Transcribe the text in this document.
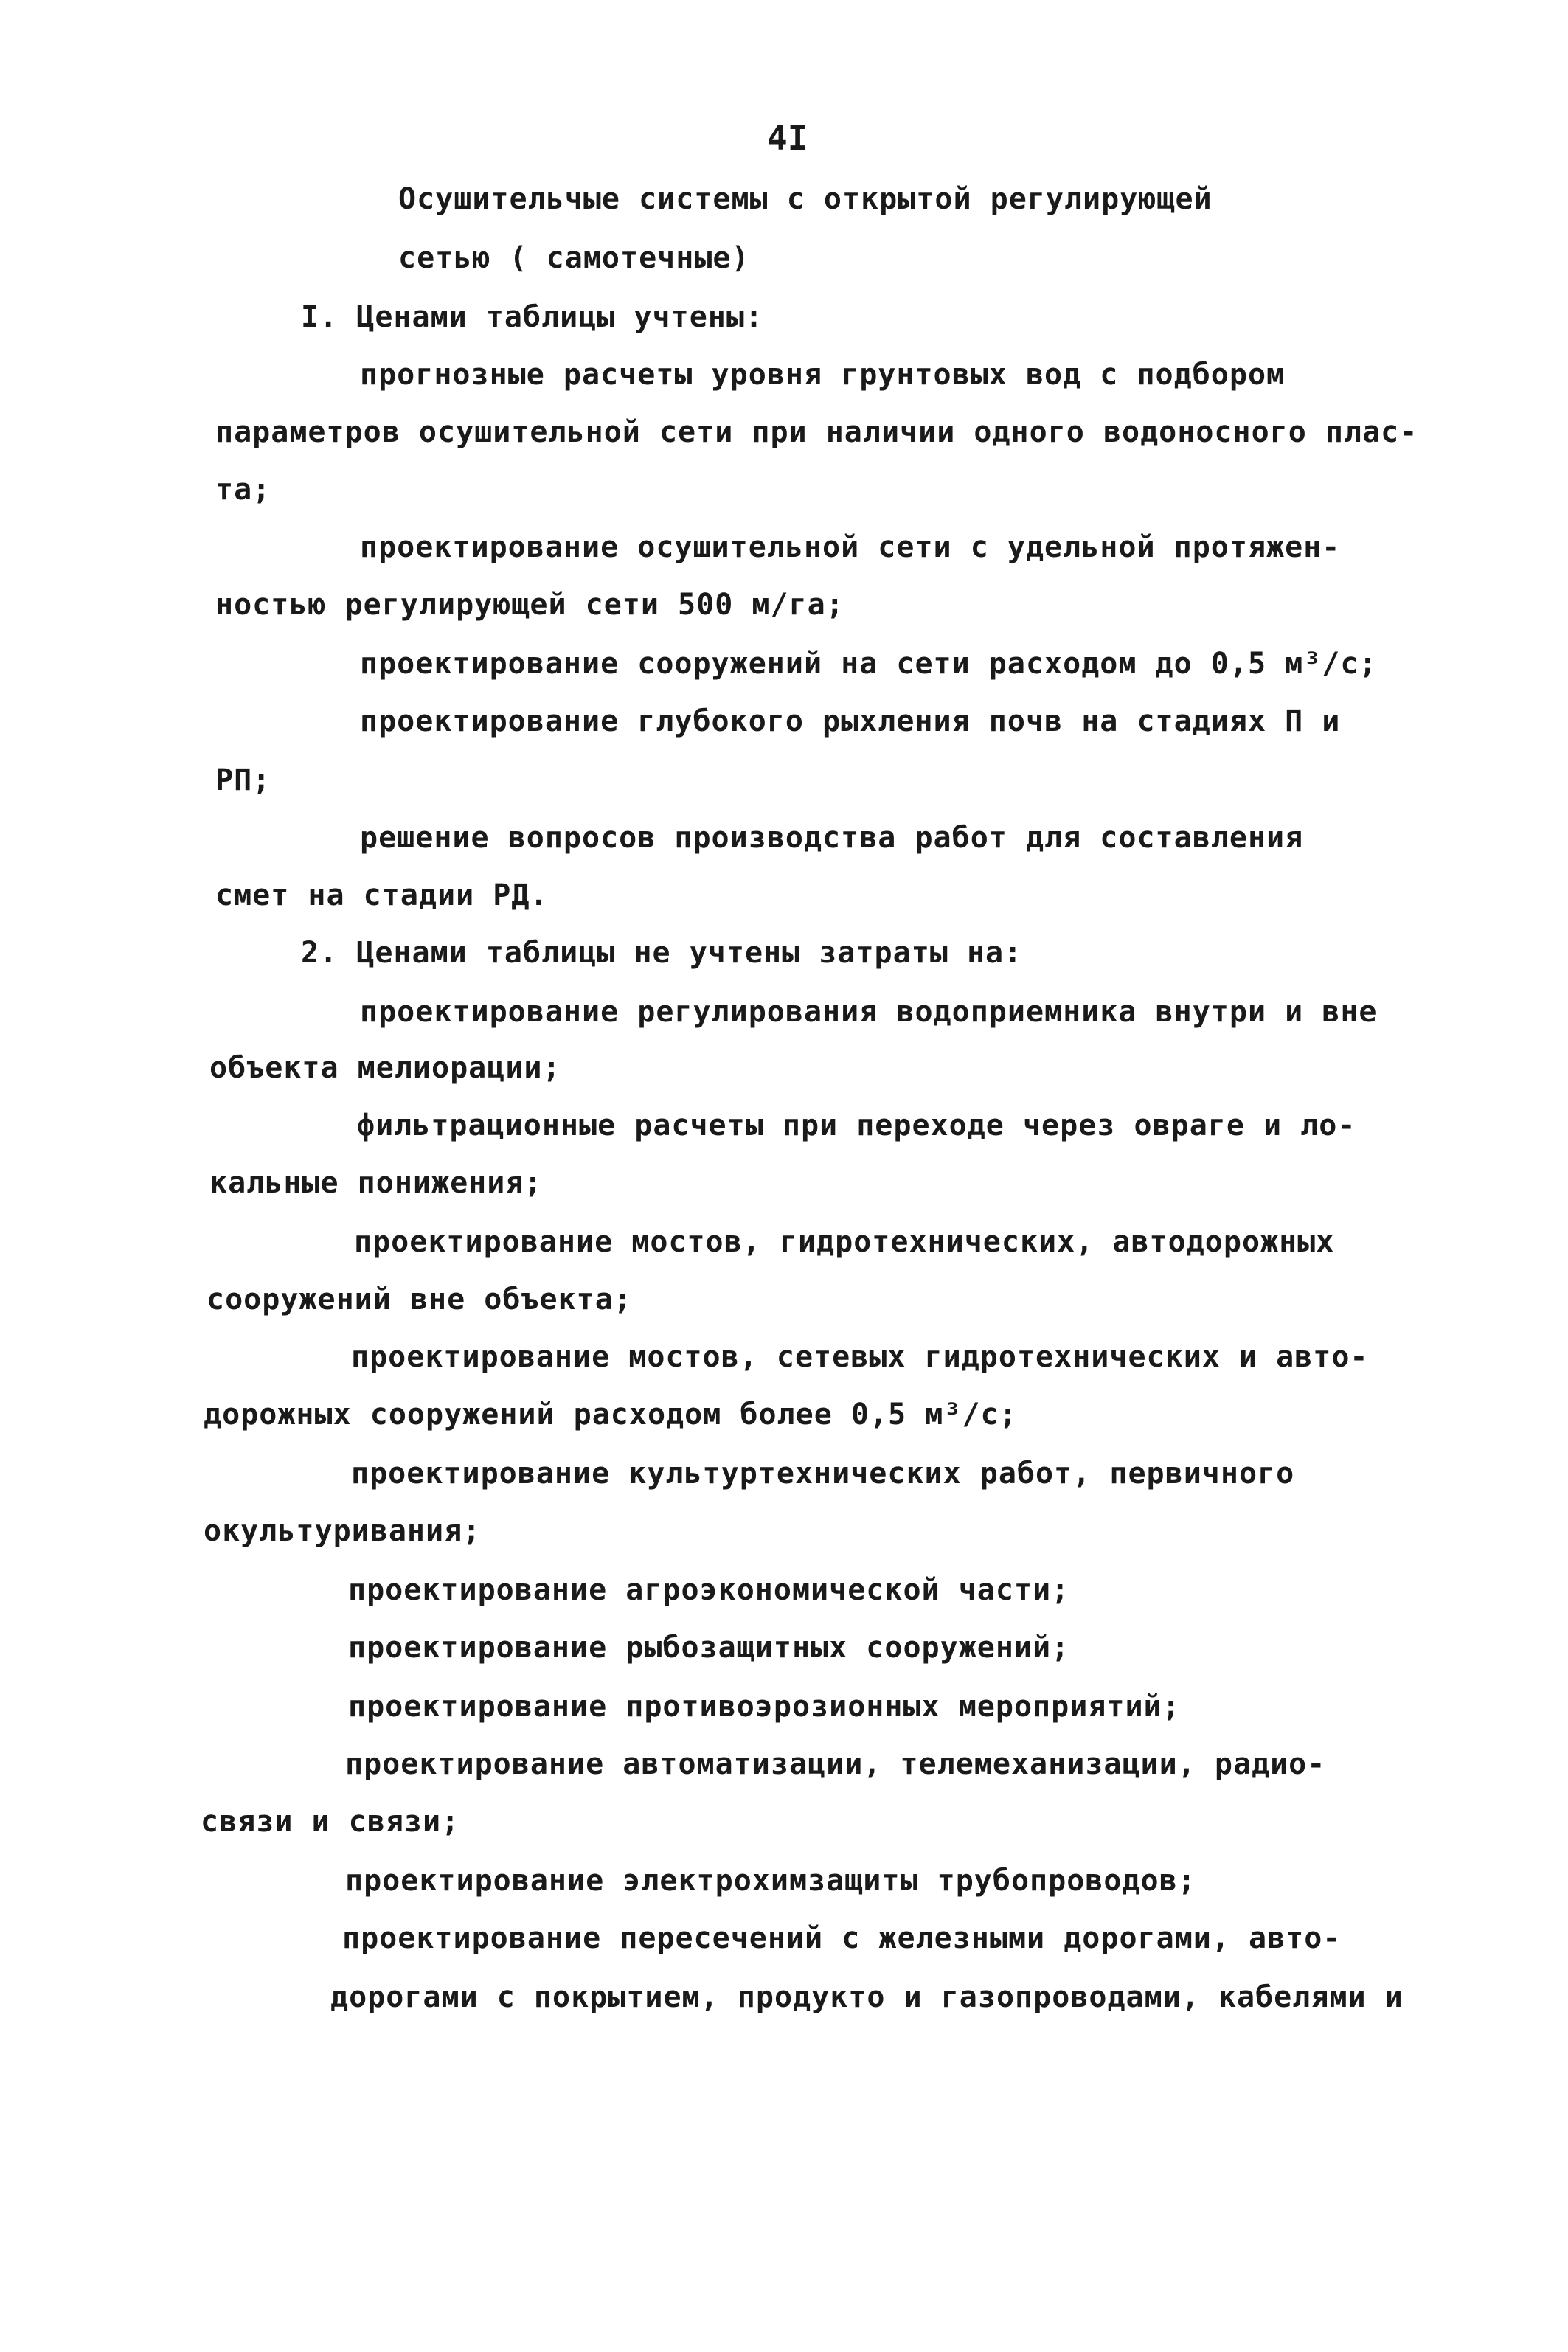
4I
Осушительчые системы с открытой регулирующей
сетью ( самотечные)
I. Ценами таблицы учтены:
прогнозные расчеты уровня грунтовых вод с подбором
параметров осушительной сети при наличии одного водоносного плас-
та;
проектирование осушительной сети с удельной протяжен-
ностью регулирующей сети 500 м/га;
проектирование сооружений на сети расходом до 0,5 м³/с;
проектирование глубокого рыхления почв на стадиях П и
РП;
решение вопросов производства работ для составления
смет на стадии РД.
2. Ценами таблицы не учтены затраты на:
проектирование регулирования водоприемника внутри и вне
объекта мелиорации;
фильтрационные расчеты при переходе через овраге и ло-
кальные понижения;
проектирование мостов, гидротехнических, автодорожных
сооружений вне объекта;
проектирование мостов, сетевых гидротехнических и авто-
дорожных сооружений расходом более 0,5 м³/с;
проектирование культуртехнических работ, первичного
окультуривания;
проектирование агроэкономической части;
проектирование рыбозащитных сооружений;
проектирование противоэрозионных мероприятий;
проектирование автоматизации, телемеханизации, радио-
связи и связи;
проектирование электрохимзащиты трубопроводов;
проектирование пересечений с железными дорогами, авто-
дорогами с покрытием, продукто и газопроводами, кабелями и
